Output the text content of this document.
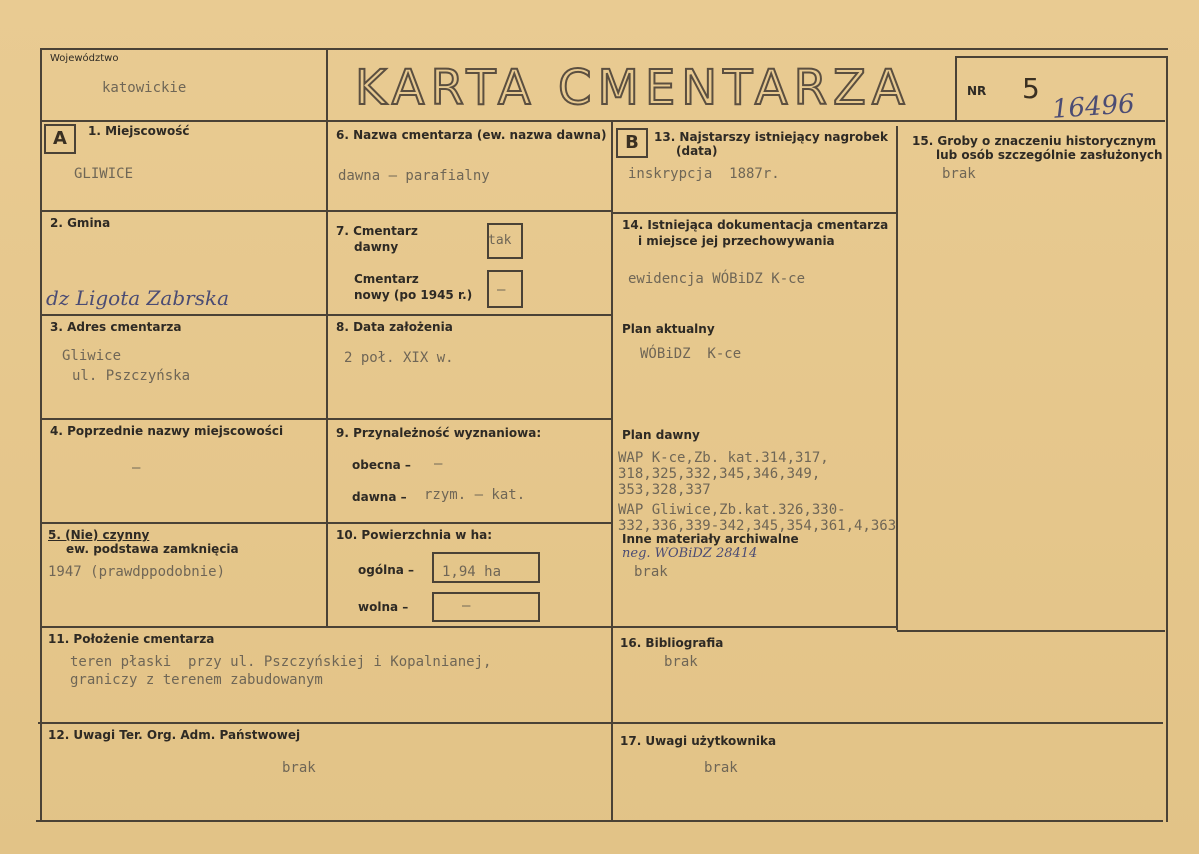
Województwo
katowickie	KARTA CMENTARZA	NR 5
16496
A	B
1. Miejscowość
GLIWICE
2. Gmina
dz Ligota Zabrska
3. Adres cmentarza
Gliwice
ul. Pszczyńska
4. Poprzednie nazwy miejscowości
–
5. (Nie) czynny
ew. podstawa zamknięcia
1947 (prawdppodobnie)
6. Nazwa cmentarza (ew. nazwa dawna)
dawna – parafialny
7. Cmentarz
dawny	tak
Cmentarz
nowy (po 1945 r.) –
8. Data założenia
2 poł. XIX w.
9. Przynależność wyznaniowa:
obecna – –
dawna – rzym. – kat.
10. Powierzchnia w ha:
ogólna – 1,94 ha
wolna –	–
13. Najstarszy istniejący nagrobek
(data)
inskrypcja  1887r.
14. Istniejąca dokumentacja cmentarza
i miejsce jej przechowywania
ewidencja WÓBiDZ K-ce
Plan aktualny
WÓBiDZ  K-ce
Plan dawny
WAP K-ce,Zb. kat.314,317,
318,325,332,345,346,349,
353,328,337
WAP Gliwice,Zb.kat.326,330-
332,336,339-342,345,354,361,4,363
Inne materiały archiwalne
neg. WOBiDZ 28414
brak
15. Groby o znaczeniu historycznym
lub osób szczególnie zasłużonych
brak
11. Położenie cmentarza
teren płaski  przy ul. Pszczyńskiej i Kopalnianej,
graniczy z terenem zabudowanym
16. Bibliografia
brak
12. Uwagi Ter. Org. Adm. Państwowej
brak
17. Uwagi użytkownika
brak
